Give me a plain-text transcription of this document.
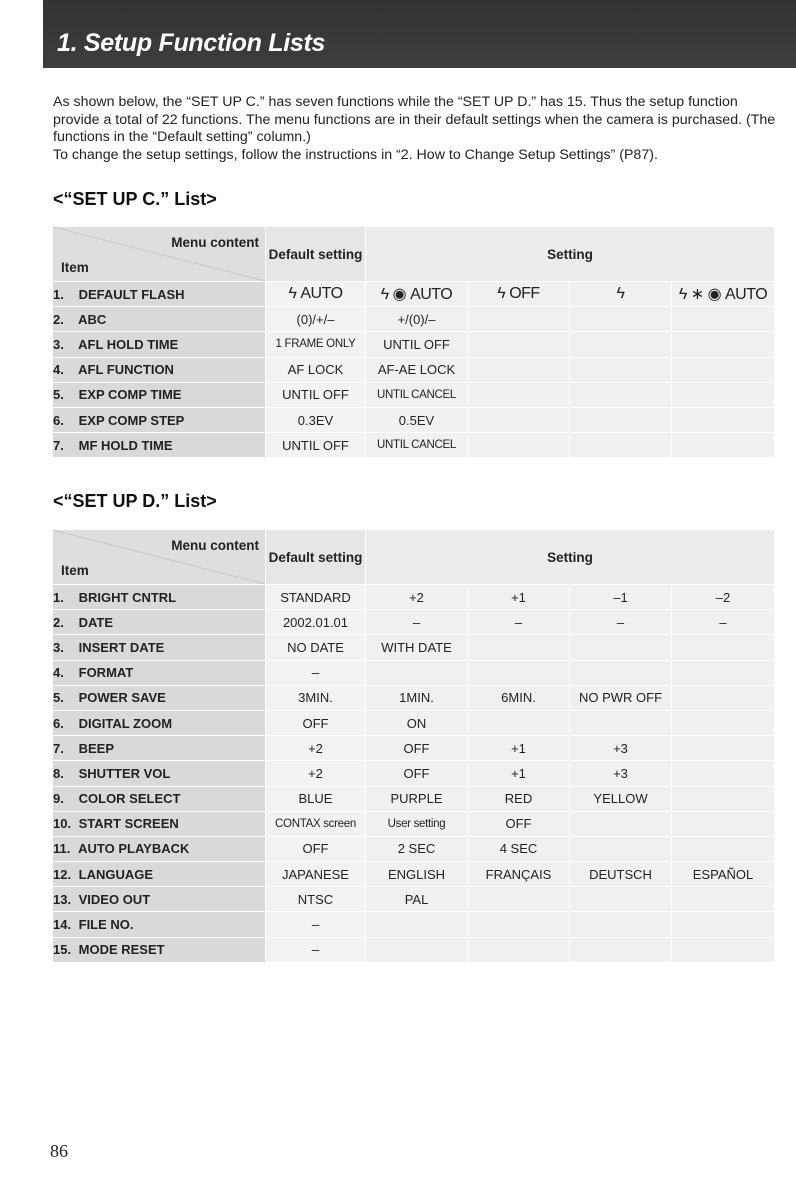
1. Setup Function Lists

As shown below, the “SET UP C.” has seven functions while the “SET UP D.” has 15. Thus the setup function provide a total of 22 functions. The menu functions are in their default settings when the camera is purchased. (The functions in the “Default setting” column.)

To change the setup settings, follow the instructions in “2. How to Change Setup Settings” (P87).

<“SET UP C.” List>
Menu content
Item	Default setting	Setting			
1. DEFAULT FLASH	ϟ AUTO	ϟ ◉ AUTO	ϟ OFF	ϟ	ϟ ∗ ◉ AUTO
2. ABC	(0)/+/–	+/(0)/–			
3. AFL HOLD TIME	1 FRAME ONLY	UNTIL OFF			
4. AFL FUNCTION	AF LOCK	AF-AE LOCK			
5. EXP COMP TIME	UNTIL OFF	UNTIL CANCEL			
6. EXP COMP STEP	0.3EV	0.5EV			
7. MF HOLD TIME	UNTIL OFF	UNTIL CANCEL			
<“SET UP D.” List>
Menu content
Item	Default setting	Setting			
1. BRIGHT CNTRL	STANDARD	+2	+1	–1	–2
2. DATE	2002.01.01	–	–	–	–
3. INSERT DATE	NO DATE	WITH DATE			
4. FORMAT	–				
5. POWER SAVE	3MIN.	1MIN.	6MIN.	NO PWR OFF	
6. DIGITAL ZOOM	OFF	ON			
7. BEEP	+2	OFF	+1	+3	
8. SHUTTER VOL	+2	OFF	+1	+3	
9. COLOR SELECT	BLUE	PURPLE	RED	YELLOW	
10. START SCREEN	CONTAX screen	User setting	OFF		
11. AUTO PLAYBACK	OFF	2 SEC	4 SEC		
12. LANGUAGE	JAPANESE	ENGLISH	FRANÇAIS	DEUTSCH	ESPAÑOL
13. VIDEO OUT	NTSC	PAL			
14. FILE NO.	–				
15. MODE RESET	–				
86
